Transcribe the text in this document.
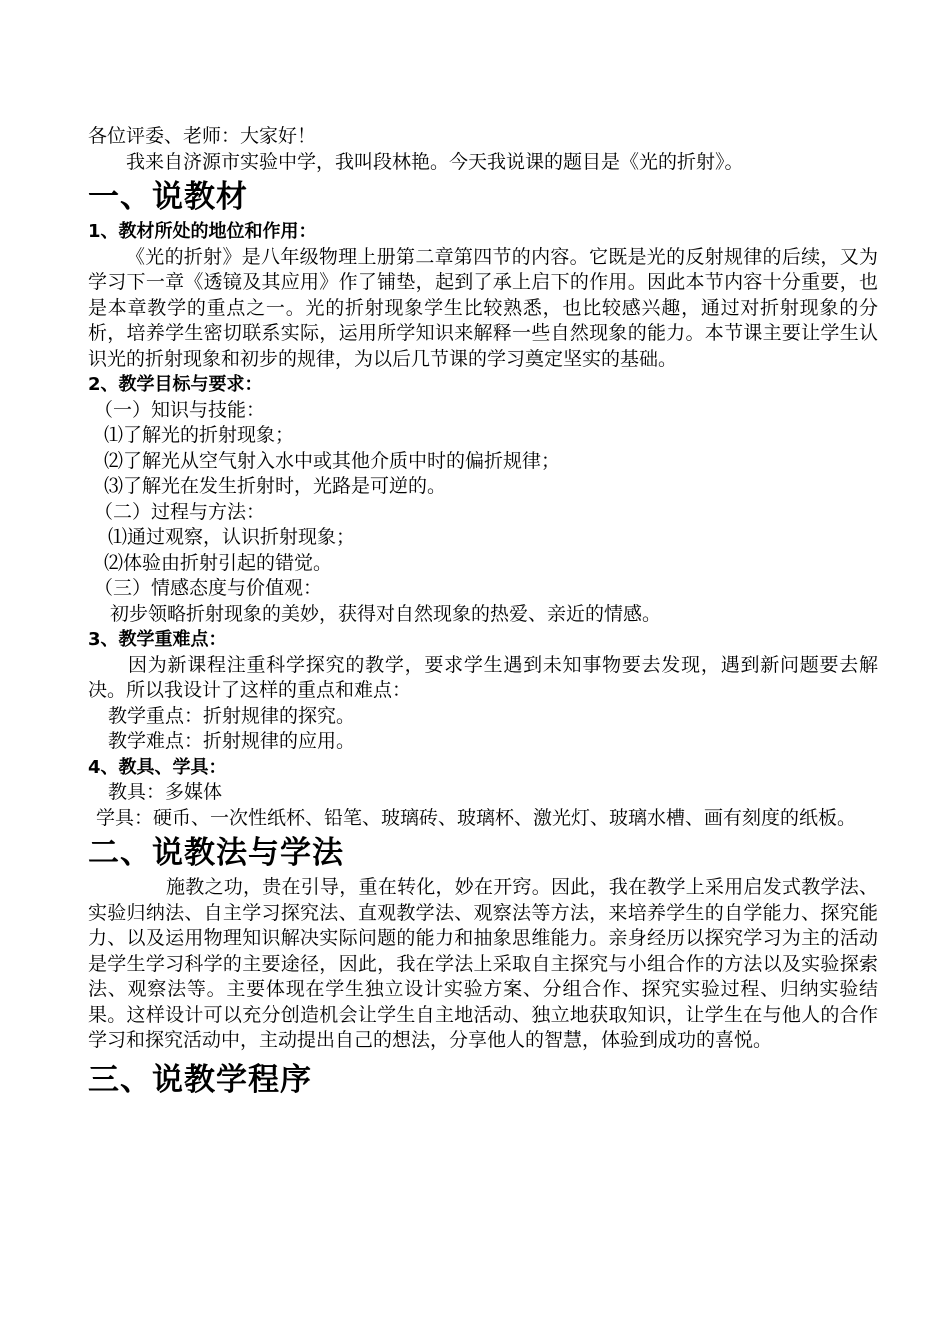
各位评委、老师：大家好！
我来自济源市实验中学，我叫段林艳。今天我说课的题目是《光的折射》。
一、说教材
1、教材所处的地位和作用：
《光的折射》是八年级物理上册第二章第四节的内容。它既是光的反射规律的后续，又为学习下一章《透镜及其应用》作了铺垫，起到了承上启下的作用。因此本节内容十分重要，也是本章教学的重点之一。光的折射现象学生比较熟悉，也比较感兴趣，通过对折射现象的分析，培养学生密切联系实际，运用所学知识来解释一些自然现象的能力。本节课主要让学生认识光的折射现象和初步的规律，为以后几节课的学习奠定坚实的基础。
2、教学目标与要求：
（一）知识与技能：
⑴了解光的折射现象；
⑵了解光从空气射入水中或其他介质中时的偏折规律；
⑶了解光在发生折射时，光路是可逆的。
（二）过程与方法：
⑴通过观察，认识折射现象；
⑵体验由折射引起的错觉。
（三）情感态度与价值观：
初步领略折射现象的美妙，获得对自然现象的热爱、亲近的情感。
3、教学重难点：
因为新课程注重科学探究的教学，要求学生遇到未知事物要去发现，遇到新问题要去解决。所以我设计了这样的重点和难点：
教学重点：折射规律的探究。
教学难点：折射规律的应用。
4、教具、学具：
教具：多媒体
学具：硬币、一次性纸杯、铅笔、玻璃砖、玻璃杯、激光灯、玻璃水槽、画有刻度的纸板。
二、说教法与学法
施教之功，贵在引导，重在转化，妙在开窍。因此，我在教学上采用启发式教学法、实验归纳法、自主学习探究法、直观教学法、观察法等方法，来培养学生的自学能力、探究能力、以及运用物理知识解决实际问题的能力和抽象思维能力。亲身经历以探究学习为主的活动是学生学习科学的主要途径，因此，我在学法上采取自主探究与小组合作的方法以及实验探索法、观察法等。主要体现在学生独立设计实验方案、分组合作、探究实验过程、归纳实验结果。这样设计可以充分创造机会让学生自主地活动、独立地获取知识，让学生在与他人的合作学习和探究活动中，主动提出自己的想法，分享他人的智慧，体验到成功的喜悦。
三、说教学程序
